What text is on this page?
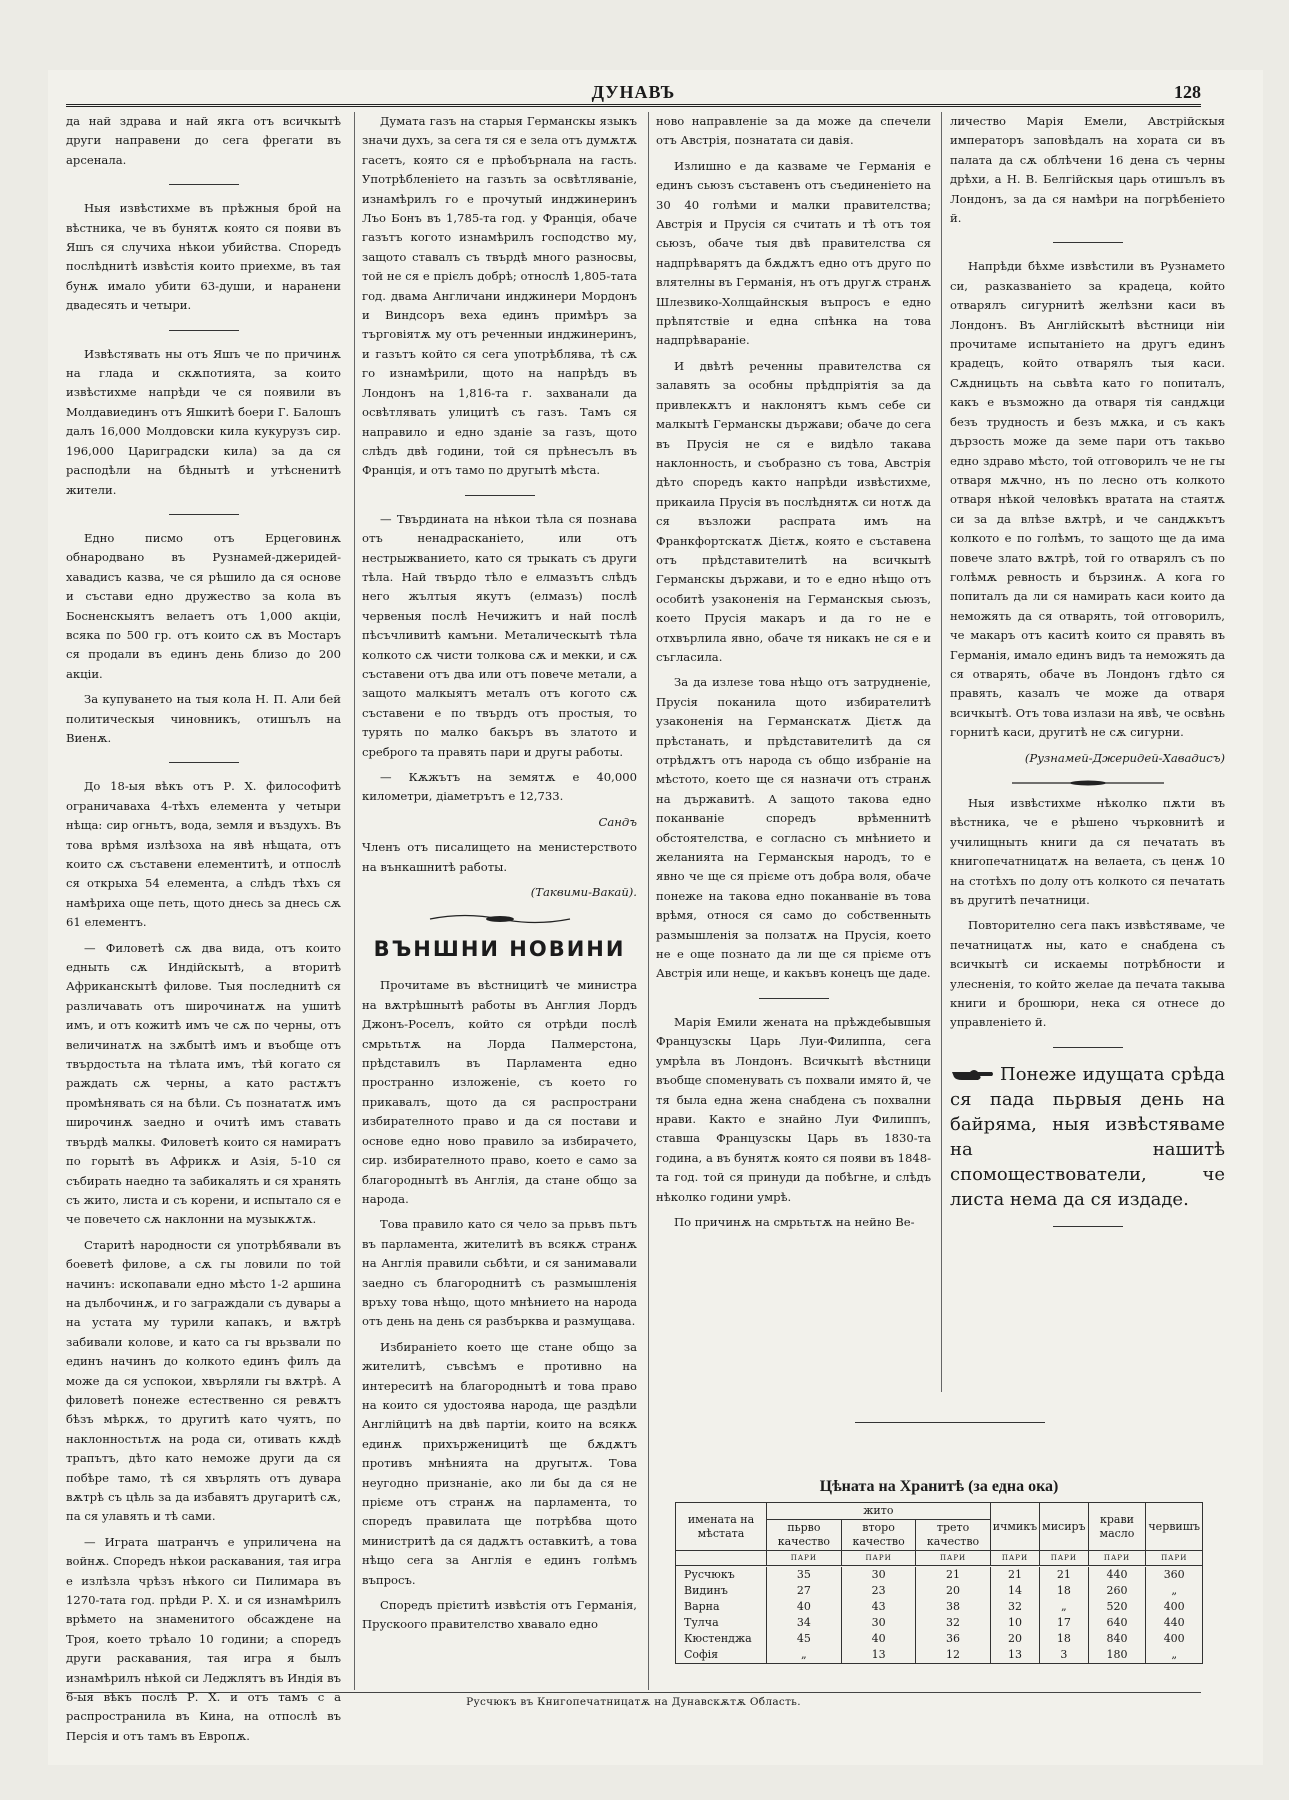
ДУНАВЪ	128

да най здрава и най якга отъ всичкытѣ други направени до сега фрегати въ арсенала.

Ныя извѣстихме въ прѣжныя брой на вѣстника, че въ бунятѫ която ся появи въ Яшъ ся случиха нѣкои убийства. Споредъ послѣднитѣ извѣстія които приехме, въ тая бунѫ имало убити 63-души, и наранени двадесять и четыри.

Извѣстявать ны отъ Яшъ че по причинѫ на глада и скѫпотията, за които извѣстихме напрѣди че ся появили въ Молдавиединъ отъ Яшкитѣ боери Г. Балошъ далъ 16,000 Молдовски кила кукурузъ сир. 196,000 Цариградски кила) за да ся расподѣли на бѣднытѣ и утѣсненитѣ жители.

Едно писмо отъ Ерцеговинѫ обнародвано въ Рузнамей-джеридей-хавадисъ казва, че ся рѣшило да ся основе и състави едно дружество за кола въ Босненскыятъ велаетъ отъ 1,000 акціи, всяка по 500 гр. отъ които сѫ въ Мостаръ ся продали въ единъ день близо до 200 акціи.

За купуването на тыя кола Н. П. Али бей политическыя чиновникъ, отишълъ на Виенѫ.

До 18-ыя вѣкъ отъ Р. Х. философитѣ ограничаваха 4-тѣхъ елемента у четыри нѣща: сир огньтъ, вода, земля и въздухъ. Въ това врѣмя излѣзоха на явѣ нѣщата, отъ които сѫ съставени елементитѣ, и отпослѣ ся открыха 54 елемента, а слѣдъ тѣхъ ся намѣриха още петь, щото днесь за днесь сѫ 61 елементъ.

— Филоветѣ сѫ два вида, отъ които едныть сѫ Индійскытѣ, а вторитѣ Африканскытѣ филове. Тыя последнитѣ ся различавать отъ широчинатѫ на ушитѣ имъ, и отъ кожитѣ имъ че сѫ по черны, отъ величинатѫ на зѫбытѣ имъ и въобще отъ твърдостьта на тѣлата имъ, тѣй когато ся раждать сѫ черны, а като растѫтъ промѣнявать ся на бѣли. Съ познататѫ имъ широчинѫ заедно и очитѣ имъ ставать твърдѣ малкы. Филоветѣ които ся намиратъ по горытѣ въ Африкѫ и Азія, 5-10 ся събирать наедно та забикалять и ся хранять съ жито, листа и съ корени, и испытало ся е че повечето сѫ наклонни на музыкѫтѫ.

Старитѣ народности ся употрѣбявали въ боеветѣ филове, а сѫ гы ловили по той начинъ: ископавали едно мѣсто 1-2 аршина на дълбочинѫ, и го заграждали съ дувары а на устата му турили капакъ, и вѫтрѣ забивали колове, и като са гы врьзвали по единъ начинъ до колкото единъ филъ да може да ся успокои, хвърляли гы вѫтрѣ. А филоветѣ понеже естественно ся ревѫтъ бѣзъ мѣркѫ, то другитѣ като чуятъ, по наклонностьтѫ на рода си, отивать кѫдѣ трапътъ, дѣто като неможе други да ся побѣре тамо, тѣ ся хвърлять отъ дувара вѫтрѣ съ цѣль за да избавятъ другаритѣ сѫ, па ся улавять и тѣ сами.

— Играта шатранчъ е уприличена на войнѫ. Споредъ нѣкои раскавания, тая игра е излѣзла чрѣзъ нѣкого си Пилимара въ 1270-тата год. прѣди Р. Х. и ся изнамѣрилъ врѣмето на знаменитого обсаждене на Троя, което трѣало 10 години; а споредъ други раскавания, тая игра я былъ изнамѣрилъ нѣкой си Леджлятъ въ Индія въ 6-ыя вѣкъ послѣ Р. Х. и отъ тамъ с а распространила въ Кина, на отпослѣ въ Персія и отъ тамъ въ Европѫ.

Думата газъ на старыя Германскы языкъ значи духъ, за сега тя ся е зела отъ думѫтѫ гасетъ, която ся е прѣобърнала на гасть. Употрѣбленіето на газъть за освѣтляваніе, изнамѣрилъ го е прочутый инджинеринъ Лъо Бонъ въ 1,785-та год. у Франція, обаче газътъ когото изнамѣрилъ господство му, защото ставалъ съ твърдѣ много разносвы, той не ся е прієлъ добрѣ; относлѣ 1,805-тата год. двама Англичани инджинери Мордонъ и Виндсоръ веха единъ примѣръ за търговіятѫ му отъ реченныи инджинеринъ, и газътъ който ся сега употрѣблява, тѣ сѫ го изнамѣрили, щото на напрѣдъ въ Лондонъ на 1,816-та г. захванали да освѣтлявать улицитѣ съ газъ. Тамъ ся направило и едно зданіе за газъ, щото слѣдъ двѣ години, той ся прѣнесълъ въ Франція, и отъ тамо по другытѣ мѣста.

— Твърдината на нѣкои тѣла ся познава отъ ненадрасканіето, или отъ нестрыжванието, като ся трыкать съ други тѣла. Най твърдо тѣло е елмазътъ слѣдъ него жълтыя якутъ (елмазъ) послѣ червеныя послѣ Нечижитъ и най послѣ пѣсъчливитѣ камъни. Металическытѣ тѣла колкото сѫ чисти толкова сѫ и мекки, и сѫ съставени отъ два или отъ повече метали, а защото малкыятъ металъ отъ когото сѫ съставени е по твърдъ отъ простыя, то турять по малко бакъръ въ златото и среброго та правять пари и другы работы.

— Кѫжътъ на земятѫ е 40,000 километри, діаметрътъ е 12,733.

Сандъ

Членъ отъ писалището на менистерството на вънкашнитѣ работы.

(Таквими-Вакай).

ВЪНШНИ НОВИНИ

Прочитаме въ вѣстницитѣ че министра на вѫтрѣшнытѣ работы въ Англия Лордъ Джонъ-Роселъ, който ся отрѣди послѣ смрьтьтѫ на Лорда Палмерстона, прѣдставилъ въ Парламента едно пространно изложеніе, съ което го прикавалъ, щото да ся распространи избирателното право и да ся постави и основе едно ново правило за избирачето, сир. избирателното право, което е само за благороднытѣ въ Англія, да стане общо за народа.

Това правило като ся чело за прьвъ пьтъ въ парламента, жителитѣ въ всякѫ странѫ на Англія правили сьбѣти, и ся занимавали заедно съ благороднитѣ съ размышленія връху това нѣщо, щото мнѣнието на народа отъ день на день ся разбърква и размущава.

Избираніето което ще стане общо за жителитѣ, съвсѣмъ е противно на интереситѣ на благороднытѣ и това право на които ся удостоява народа, ще раздѣли Англійцитѣ на двѣ партіи, които на всякѫ единѫ прихърженицитѣ ще бѫдѫтъ противъ мнѣнията на другытѫ. Това неугодно признаніе, ако ли бы да ся не прієме отъ странѫ на парламента, то споредъ правилата ще потрѣбва щото министритѣ да ся дадѫтъ оставкитѣ, а това нѣщо сега за Англія е единъ голѣмъ въпросъ.

Споредъ прієтитѣ извѣстія отъ Германія, Прускоого правителство хвавало едно

ново направленіе за да може да спечели отъ Австрія, познатата си давія.

Излишно е да казваме че Германія е единъ сьюзъ съставенъ отъ съединеніето на 30 40 голѣми и малки правителства; Австрія и Прусія ся считать и тѣ отъ тоя сьюзъ, обаче тыя двѣ правителства ся надпрѣварятъ да бѫдѫтъ едно отъ друго по влятелны въ Германія, нъ отъ другѫ странѫ Шлезвико-Холщайнскыя въпросъ е едно прѣпятствіе и една спѣнка на това надпрѣвараніе.

И двѣтѣ реченны правителства ся залавять за особны прѣдпріятія за да привлекѫтъ и наклонятъ кьмъ себе си малкытѣ Германскы държави; обаче до сега въ Прусія не ся е видѣло такава наклонность, и съобразно съ това, Австрія дѣто споредъ както напрѣди извѣстихме, прикаила Прусія въ послѣднятѫ си нотѫ да ся възложи распрата имъ на Франкфортскатѫ Дієтѫ, която е съставена отъ прѣдставителитѣ на всичкытѣ Германскы държави, и то е едно нѣщо отъ особитѣ узаконенія на Германскыя сьюзъ, което Прусія макаръ и да го не е отхвърлила явно, обаче тя никакъ не ся е и съгласила.

За да излезе това нѣщо отъ затрудненіе, Прусія поканила щото избирателитѣ узаконенія на Германскатѫ Дієтѫ да прѣстанать, и прѣдставителитѣ да ся отрѣдѫтъ отъ народа съ общо избраніе на мѣстото, което ще ся назначи отъ странѫ на държавитѣ. А защото такова едно поканваніе споредъ врѣменнитѣ обстоятелства, е согласно съ мнѣнието и желанията на Германскыя народъ, то е явно че ще ся прієме отъ добра воля, обаче понеже на такова едно поканваніе въ това врѣмя, относя ся само до собственныть размышленія за ползатѫ на Прусія, което не е още познато да ли ще ся прієме отъ Австрія или неще, и какъвъ конецъ ще даде.

Марія Емили женатa на прѣждебывшыя Французскы Царь Луи-Филиппа, сега умрѣла въ Лондонъ. Всичкытѣ вѣстници въобще споменувать съ похвали имято й, че тя была една жена снабдена съ похвални нрави. Както е знайно Луи Филиппъ, ставша Французскы Царь въ 1830-та година, а въ бунятѫ която ся появи въ 1848-та год. той ся принуди да побѣгне, и слѣдъ нѣколко години умрѣ.

По причинѫ на смрьтьтѫ на нейно Ве-

личество Марія Емели, Австрійскыя императоръ заповѣдалъ на хората си въ палата да сѫ облѣчени 16 дена съ черны дрѣхи, а Н. В. Белгійскыя царь отишълъ въ Лондонъ, за да ся намѣри на погрѣбеніето й.

Напрѣди бѣхме извѣстили въ Рузнамето си, разказваніето за крадеца, който отварялъ сигурнитѣ желѣзни каси въ Лондонъ. Въ Англійскытѣ вѣстници ніи прочитаме испытаніето на другъ единъ крадецъ, който отварялъ тыя каси. Сѫдницьть на сьвѣта като го попиталъ, какъ е възможно да отваря тія сандѫци безъ трудность и безъ мѫка, и съ какъ дързость може да земе пари отъ такьво едно здраво мѣсто, той отговорилъ че не гы отваря мѫчно, нъ по лесно отъ колкото отваря нѣкой человѣкъ вратата на стаятѫ си за да влѣзе вѫтрѣ, и че сандѫкътъ колкото е по голѣмъ, то защото ще да има повече злато вѫтрѣ, той го отварялъ съ по голѣмѫ ревность и бързинѫ. А кога го попиталъ да ли ся намирать каси които да неможять да ся отварять, той отговорилъ, че макаръ отъ каситѣ които ся правять въ Германія, имало единъ видъ та неможять да ся отварять, обаче въ Лондонъ гдѣто ся правять, казалъ че може да отваря всичкытѣ. Отъ това излази на явѣ, че освѣнь горнитѣ каси, другитѣ не сѫ сигурни.

(Рузнамей-Джеридей-Хавадисъ)

Ныя извѣстихме нѣколко пѫти въ вѣстника, че е рѣшено чърковнитѣ и училищныть книги да ся печатать въ книгопечатницатѫ на велаета, съ ценѫ 10 на стотѣхъ по долу отъ колкото ся печатать въ другитѣ печатници.

Повторително сега пакъ извѣстяваме, че печатницатѫ ны, като е снабдена съ всичкытѣ си искаемы потрѣбности и улесненія, то който желае да печата такыва книги и брошюри, нека ся отнесе до управленіето й.

Понеже идущата срѣда ся пада пьрвыя день на байряма, ныя извѣстяваме на нашитѣ спомоществователи, че листа нема да ся издаде.

Цѣната на Хранитѣ (за една ока)
имената на мѣстата	жито			ичмикъ	мисиръ	крави масло	червишъ
	пьрво качество	второ качество	трето качество				
	ПАРИ	ПАРИ	ПАРИ	ПАРИ	ПАРИ	ПАРИ	ПАРИ

Русчюкъ	35	30	21	21	21	440	360
Видинъ	27	23	20	14	18	260	„
Варна	40	43	38	32	„	520	400
Тулча	34	30	32	10	17	640	440
Кюстенджа	45	40	36	20	18	840	400
Софія	„	13	12	13	3	180	„
Русчюкъ въ Книгопечатницатѫ на Дунавскѫтѫ Область.
